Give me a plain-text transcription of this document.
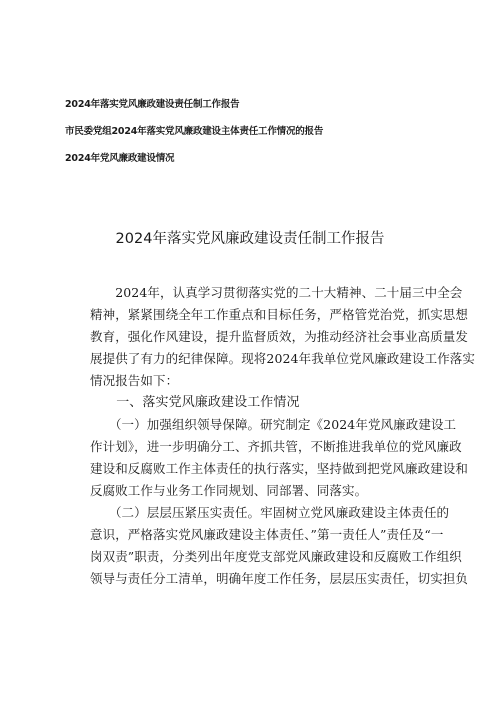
2024年落实党风廉政建设责任制工作报告
市民委党组2024年落实党风廉政建设主体责任工作情况的报告
2024年党风廉政建设情况
2024年落实党风廉政建设责任制工作报告
　　2024年，认真学习贯彻落实党的二十大精神、二十届三中全会
精神，紧紧围绕全年工作重点和目标任务，严格管党治党，抓实思想
教育，强化作风建设，提升监督质效，为推动经济社会事业高质量发
展提供了有力的纪律保障。现将2024年我单位党风廉政建设工作落实
情况报告如下：
　　一、落实党风廉政建设工作情况
　　（一）加强组织领导保障。研究制定《2024年党风廉政建设工
作计划》，进一步明确分工、齐抓共管，不断推进我单位的党风廉政
建设和反腐败工作主体责任的执行落实，坚持做到把党风廉政建设和
反腐败工作与业务工作同规划、同部署、同落实。
　　（二）层层压紧压实责任。牢固树立党风廉政建设主体责任的
意识，严格落实党风廉政建设主体责任、”第一责任人”责任及“一
岗双责”职责，分类列出年度党支部党风廉政建设和反腐败工作组织
领导与责任分工清单，明确年度工作任务，层层压实责任，切实担负
